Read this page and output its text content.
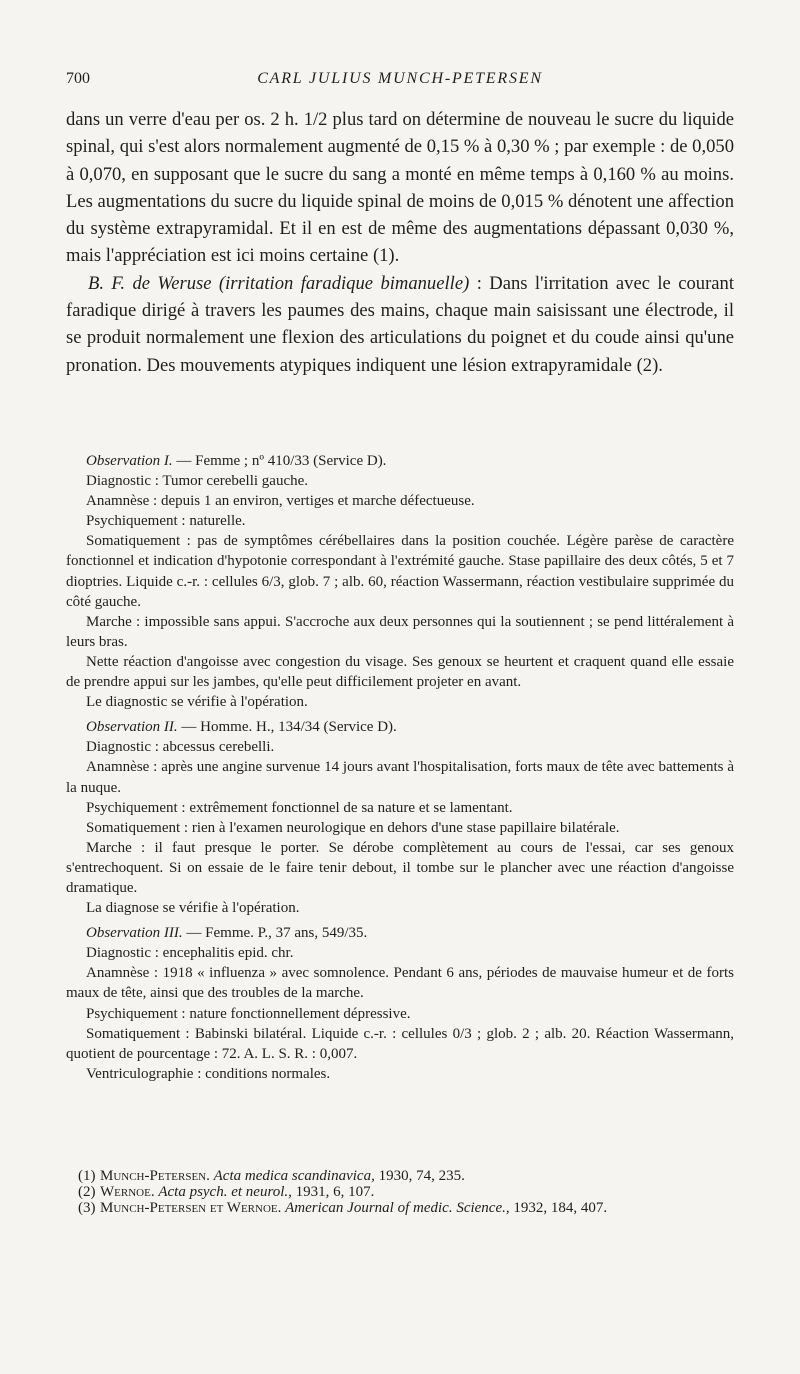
700	CARL JULIUS MUNCH-PETERSEN

dans un verre d'eau per os. 2 h. 1/2 plus tard on détermine de nouveau le sucre du liquide spinal, qui s'est alors normalement augmenté de 0,15 % à 0,30 % ; par exemple : de 0,050 à 0,070, en supposant que le sucre du sang a monté en même temps à 0,160 % au moins. Les augmentations du sucre du liquide spinal de moins de 0,015 % dénotent une affection du système extrapyramidal. Et il en est de même des augmentations dépassant 0,030 %, mais l'appréciation est ici moins certaine (1).

B. F. de Weruse (irritation faradique bimanuelle) : Dans l'irritation avec le courant faradique dirigé à travers les paumes des mains, chaque main saisissant une électrode, il se produit normalement une flexion des articulations du poignet et du coude ainsi qu'une pronation. Des mouvements atypiques indiquent une lésion extrapyramidale (2).

Observation I. — Femme ; nº 410/33 (Service D).

Diagnostic : Tumor cerebelli gauche.

Anamnèse : depuis 1 an environ, vertiges et marche défectueuse.

Psychiquement : naturelle.

Somatiquement : pas de symptômes cérébellaires dans la position couchée. Légère parèse de caractère fonctionnel et indication d'hypotonie correspondant à l'extrémité gauche. Stase papillaire des deux côtés, 5 et 7 dioptries. Liquide c.-r. : cellules 6/3, glob. 7 ; alb. 60, réaction Wassermann, réaction vestibulaire supprimée du côté gauche.

Marche : impossible sans appui. S'accroche aux deux personnes qui la soutiennent ; se pend littéralement à leurs bras.

Nette réaction d'angoisse avec congestion du visage. Ses genoux se heurtent et craquent quand elle essaie de prendre appui sur les jambes, qu'elle peut difficilement projeter en avant.

Le diagnostic se vérifie à l'opération.

Observation II. — Homme. H., 134/34 (Service D).

Diagnostic : abcessus cerebelli.

Anamnèse : après une angine survenue 14 jours avant l'hospitalisation, forts maux de tête avec battements à la nuque.

Psychiquement : extrêmement fonctionnel de sa nature et se lamentant.

Somatiquement : rien à l'examen neurologique en dehors d'une stase papillaire bilatérale.

Marche : il faut presque le porter. Se dérobe complètement au cours de l'essai, car ses genoux s'entrechoquent. Si on essaie de le faire tenir debout, il tombe sur le plancher avec une réaction d'angoisse dramatique.

La diagnose se vérifie à l'opération.

Observation III. — Femme. P., 37 ans, 549/35.

Diagnostic : encephalitis epid. chr.

Anamnèse : 1918 « influenza » avec somnolence. Pendant 6 ans, périodes de mauvaise humeur et de forts maux de tête, ainsi que des troubles de la marche.

Psychiquement : nature fonctionnellement dépressive.

Somatiquement : Babinski bilatéral. Liquide c.-r. : cellules 0/3 ; glob. 2 ; alb. 20. Réaction Wassermann, quotient de pourcentage : 72. A. L. S. R. : 0,007.

Ventriculographie : conditions normales.

(1) Munch-Petersen. Acta medica scandinavica, 1930, 74, 235.

(2) Wernoe. Acta psych. et neurol., 1931, 6, 107.

(3) Munch-Petersen et Wernoe. American Journal of medic. Science., 1932, 184, 407.
